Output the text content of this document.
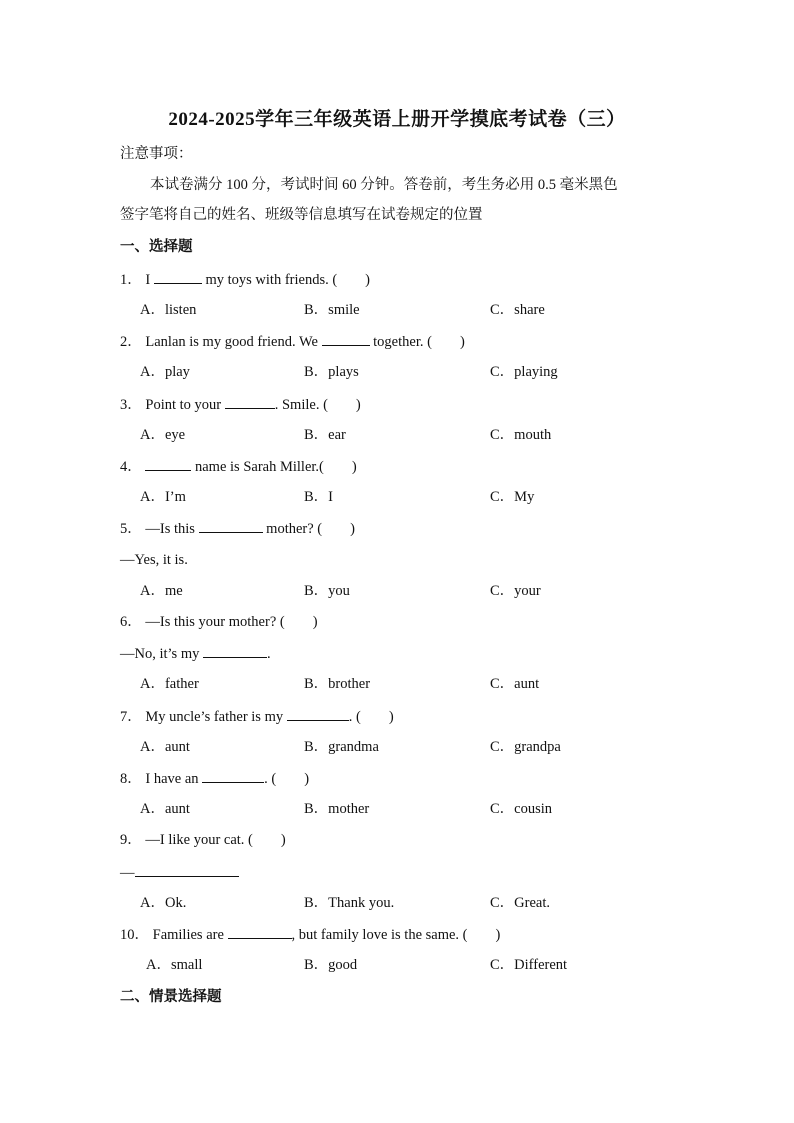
2024-2025学年三年级英语上册开学摸底考试卷（三）
注意事项：
本试卷满分 100 分，考试时间 60 分钟。答卷前，考生务必用 0.5 毫米黑色
签字笔将自己的姓名、班级等信息填写在试卷规定的位置
一、选择题
1． I	my toys with friends. ( )
A．listen	B．smile	C．share
2． Lanlan is my good friend. We	together. ( )
A．play	B．plays	C．playing
3． Point to your	. Smile. ( )
A．eye	B．ear	C．mouth
4．	name is Sarah Miller.( )
A．I’m	B．I	C．My
5． —Is this	mother? ( )
—Yes, it is.
A．me	B．you	C．your
6． —Is this your mother? ( )
—No, it’s my	.
A．father	B．brother	C．aunt
7． My uncle’s father is my	. ( )
A．aunt	B．grandma	C．grandpa
8． I have an	. ( )
A．aunt	B．mother	C．cousin
9． —I like your cat. ( )
—
A．Ok.	B．Thank you.	C．Great.
10． Families are	, but family love is the same. ( )
A．small	B．good	C．Different
二、情景选择题
